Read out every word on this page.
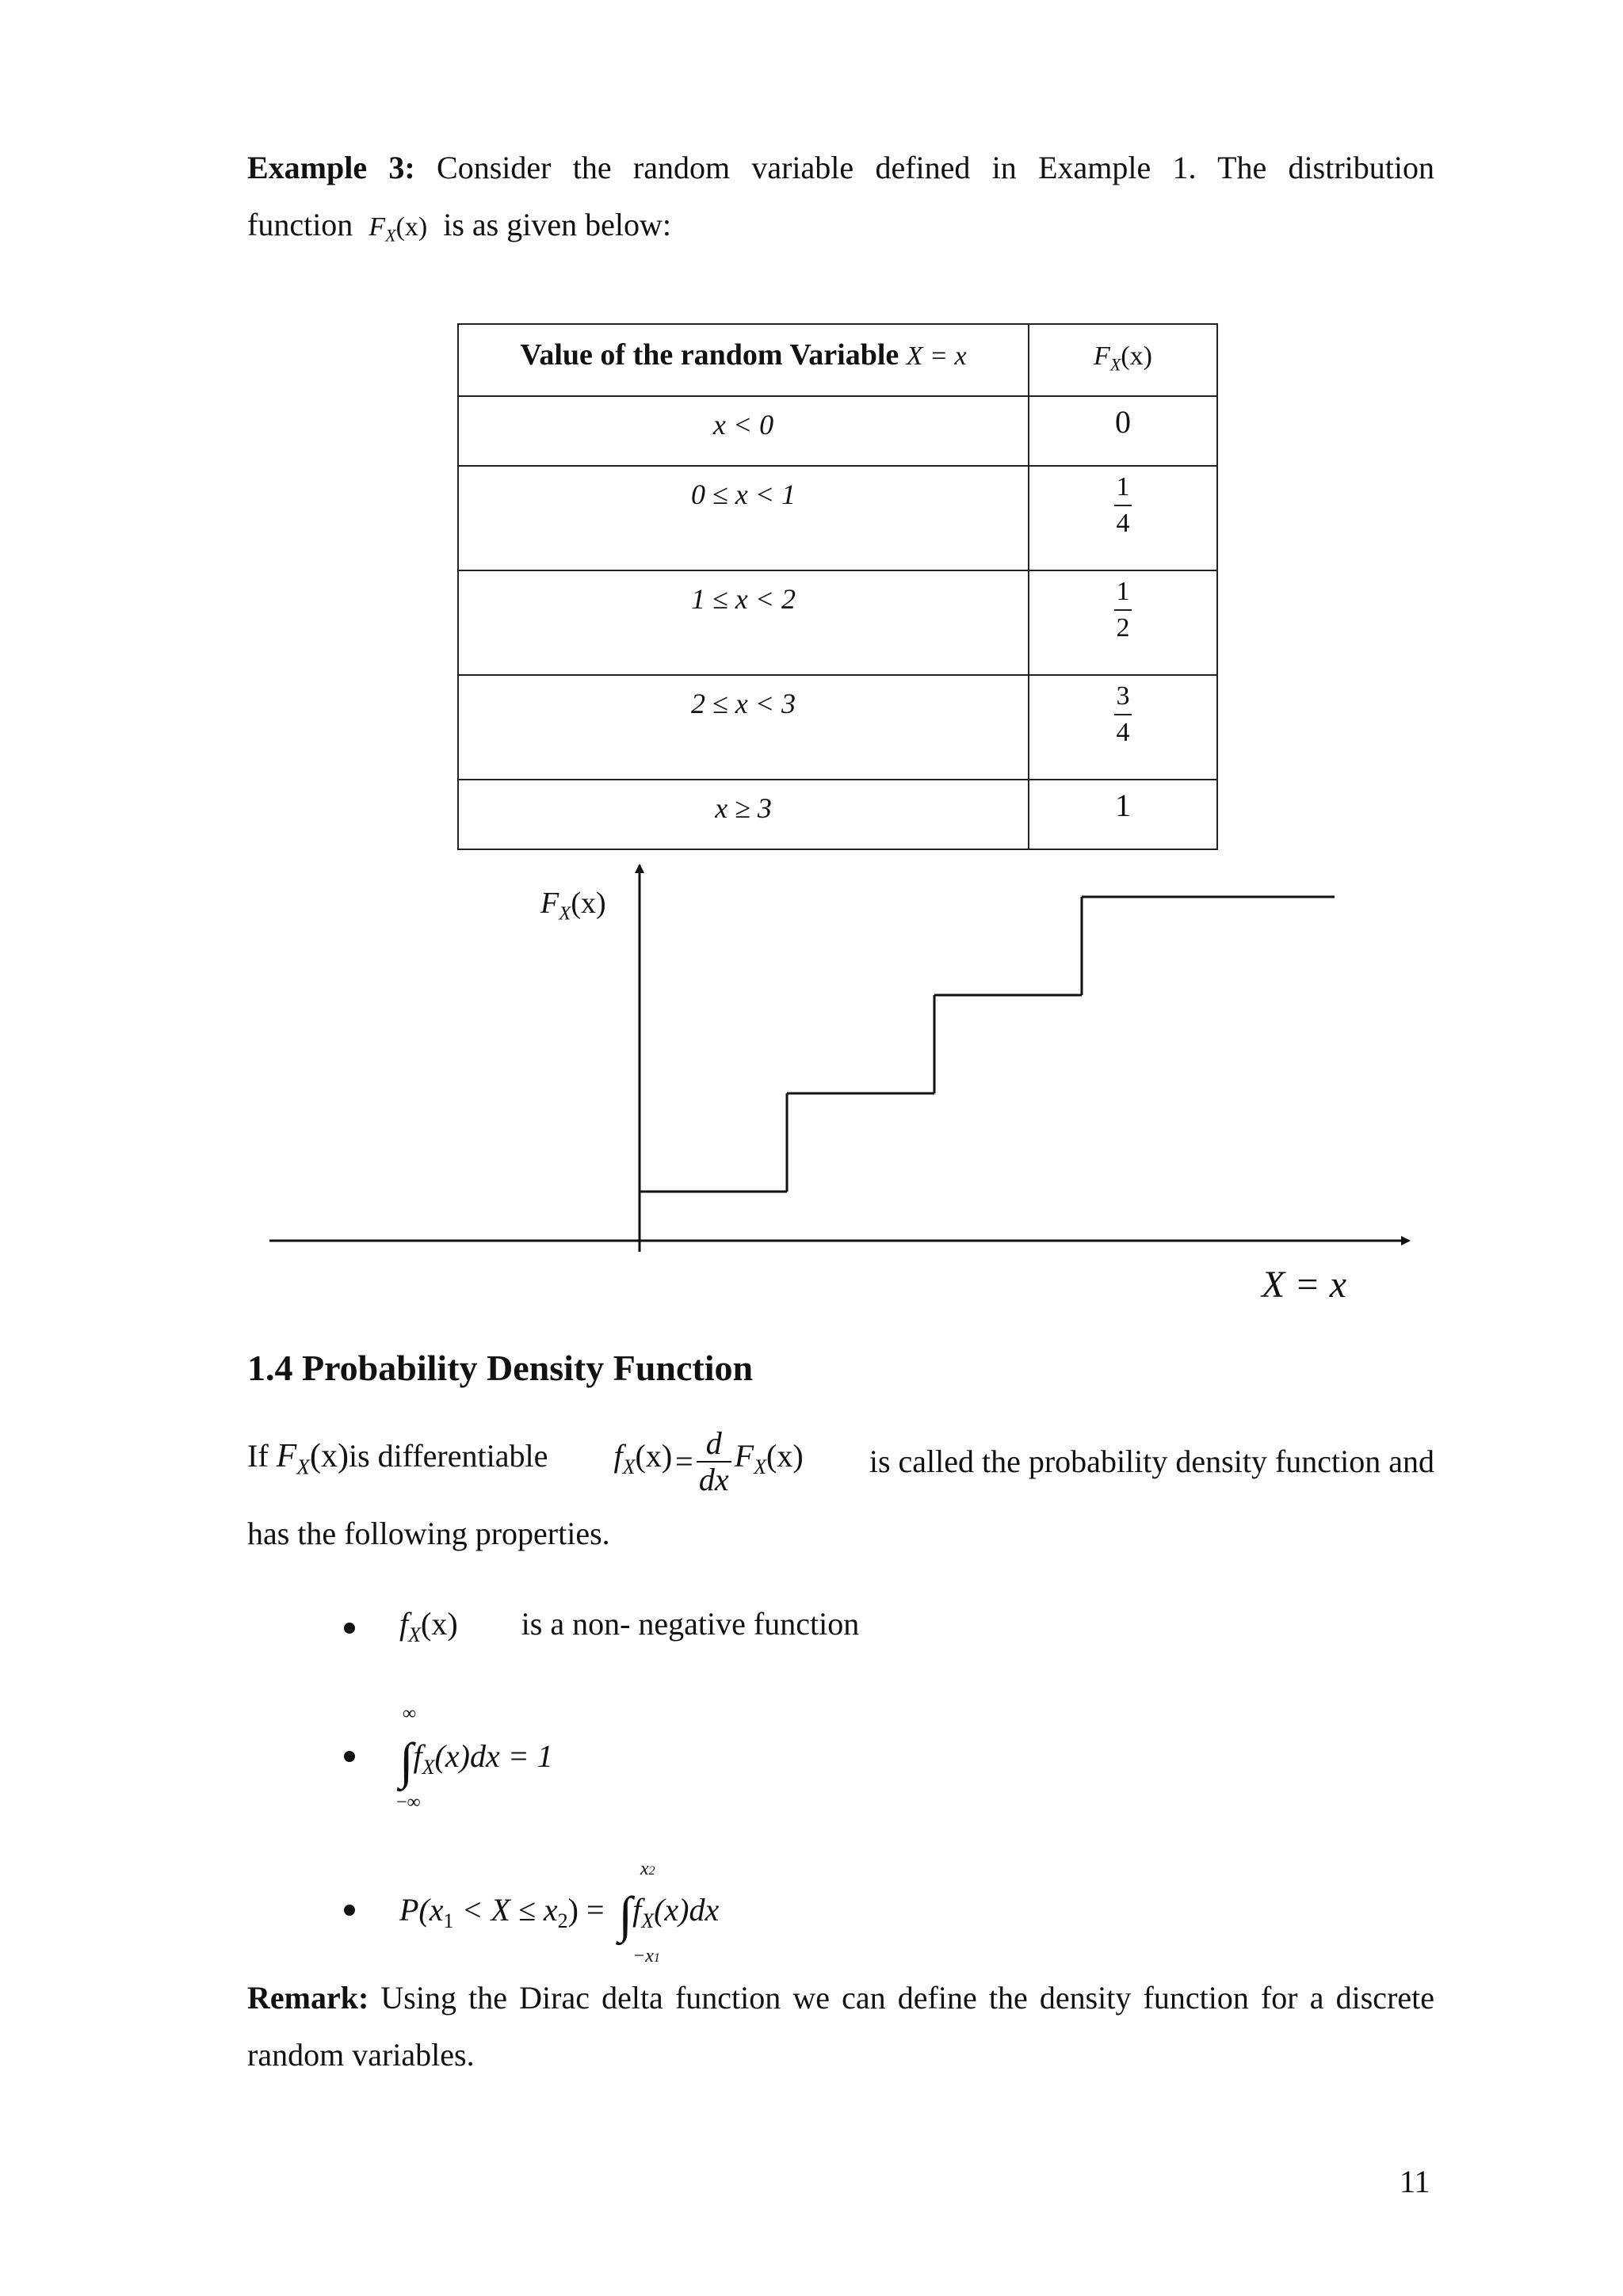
Example 3: Consider the random variable defined in Example 1. The distribution
function $F_X(x)$ is as given below:
Value of the random Variable X = x	$F_X(x)$
x < 0	0

0 ≤ x < 1	$\frac{1}{4}$

1 ≤ x < 2	$\frac{1}{2}$

2 ≤ x < 3	$\frac{3}{4}$

x ≥ 3	1
$F_X(x)$
X = x
1.4 Probability Density Function
If $F_X(x)is$ differentiable $f_X(x)$ =
d
dx
$F_X(x)$ is called the probability density function and
has the following properties.
$f_X(x)$ is a non- negative function
∞
−∞
$\int f_X(x)dx = 1$
x2
−x1
$P(x_1 < X \le x_2) = \int f_X(x)dx$
Remark: Using the Dirac delta function we can define the density function for a discrete
random variables.
11
